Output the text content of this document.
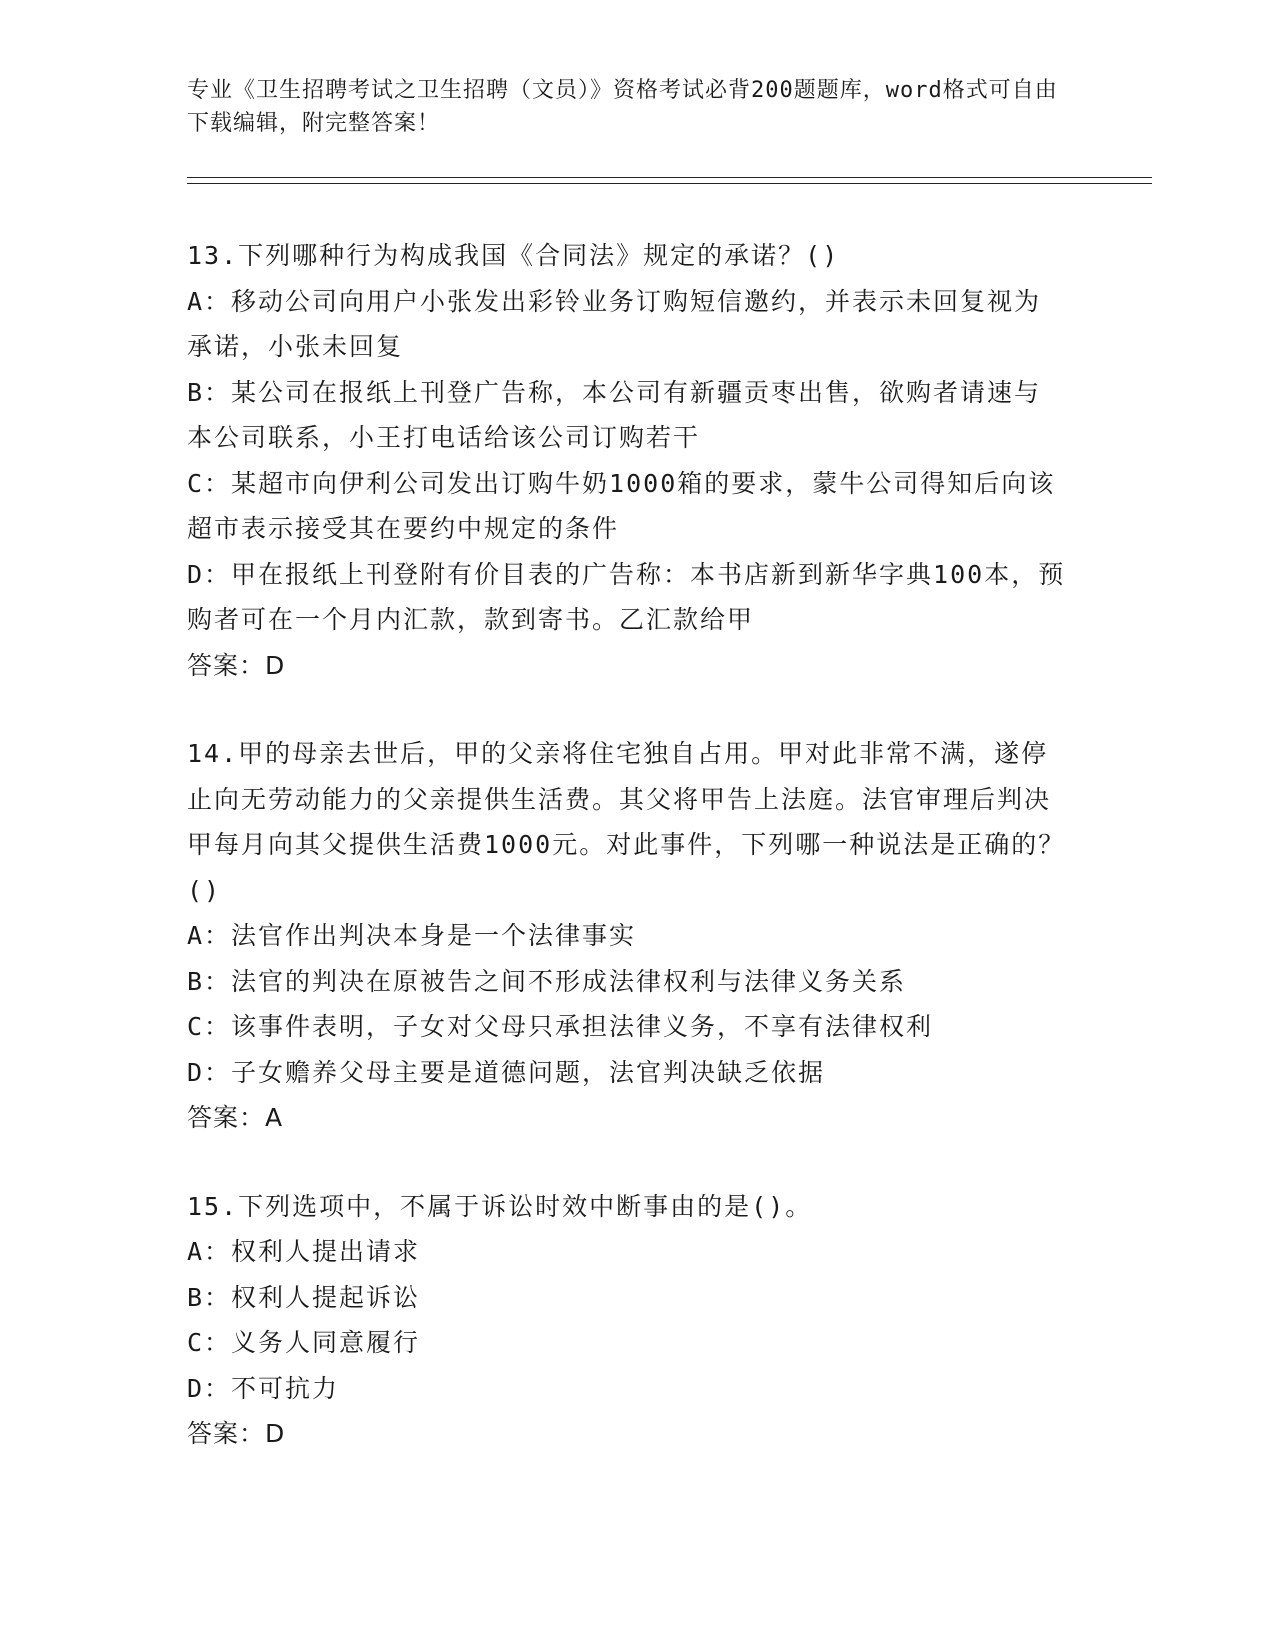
专业《卫生招聘考试之卫生招聘（文员）》资格考试必背200题题库，word格式可自由下载编辑，附完整答案！
13.下列哪种行为构成我国《合同法》规定的承诺？()
A：移动公司向用户小张发出彩铃业务订购短信邀约，并表示未回复视为承诺，小张未回复
B：某公司在报纸上刊登广告称，本公司有新疆贡枣出售，欲购者请速与本公司联系，小王打电话给该公司订购若干
C：某超市向伊利公司发出订购牛奶1000箱的要求，蒙牛公司得知后向该超市表示接受其在要约中规定的条件
D：甲在报纸上刊登附有价目表的广告称：本书店新到新华字典100本，预购者可在一个月内汇款，款到寄书。乙汇款给甲
答案：D
14.甲的母亲去世后，甲的父亲将住宅独自占用。甲对此非常不满，遂停止向无劳动能力的父亲提供生活费。其父将甲告上法庭。法官审理后判决甲每月向其父提供生活费1000元。对此事件，下列哪一种说法是正确的？()
A：法官作出判决本身是一个法律事实
B：法官的判决在原被告之间不形成法律权利与法律义务关系
C：该事件表明，子女对父母只承担法律义务，不享有法律权利
D：子女赡养父母主要是道德问题，法官判决缺乏依据
答案：A
15.下列选项中，不属于诉讼时效中断事由的是()。
A：权利人提出请求
B：权利人提起诉讼
C：义务人同意履行
D：不可抗力
答案：D
